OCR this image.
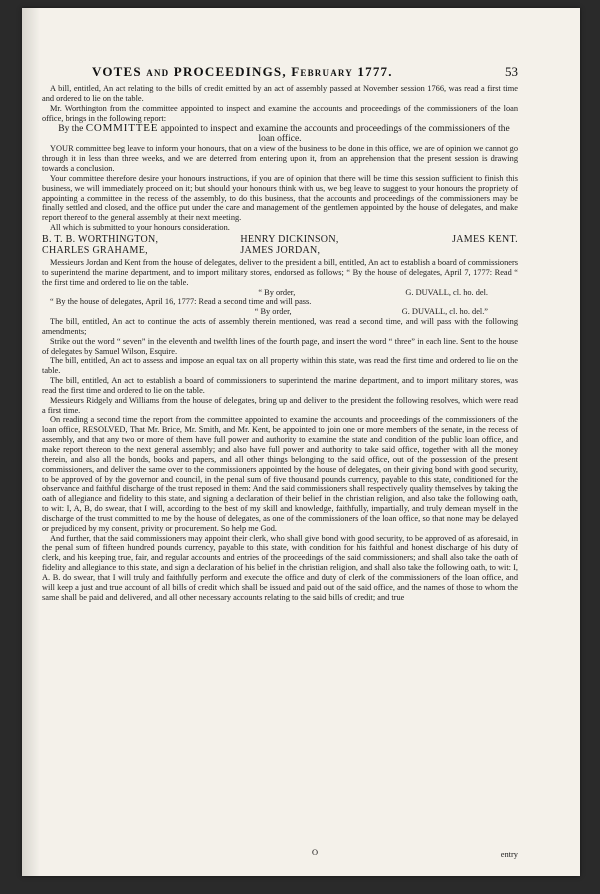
VOTES and PROCEEDINGS, February 1777.	53

A bill, entitled, An act relating to the bills of credit emitted by an act of assembly passed at November session 1766, was read a first time and ordered to lie on the table.

Mr. Worthington from the committee appointed to inspect and examine the accounts and proceedings of the commissioners of the loan office, brings in the following report:

By the COMMITTEE appointed to inspect and examine the accounts and proceedings of the commissioners of the loan office.

YOUR committee beg leave to inform your honours, that on a view of the business to be done in this office, we are of opinion we cannot go through it in less than three weeks, and we are deterred from entering upon it, from an apprehension that the present session is drawing towards a conclusion.

Your committee therefore desire your honours instructions, if you are of opinion that there will be time this session sufficient to finish this business, we will immediately proceed on it; but should your honours think with us, we beg leave to suggest to your honours the propriety of appointing a committee in the recess of the assembly, to do this business, that the accounts and proceedings of the commissioners may be finally settled and closed, and the office put under the care and management of the gentlemen appointed by the house of delegates, and make report thereof to the general assembly at their next meeting.

All which is submitted to your honours consideration.

B. T. B. WORTHINGTON,	HENRY DICKINSON,	JAMES KENT.
CHARLES GRAHAME,	JAMES JORDAN,

Messieurs Jordan and Kent from the house of delegates, deliver to the president a bill, entitled, An act to establish a board of commissioners to superintend the marine department, and to import military stores, endorsed as follows; “ By the house of delegates, April 7, 1777: Read “ the first time and ordered to lie on the table.

“ By order,	G. DUVALL, cl. ho. del.

“ By the house of delegates, April 16, 1777: Read a second time and will pass.

“ By order,	G. DUVALL, cl. ho. del.”

The bill, entitled, An act to continue the acts of assembly therein mentioned, was read a second time, and will pass with the following amendments;

Strike out the word “ seven” in the eleventh and twelfth lines of the fourth page, and insert the word “ three” in each line. Sent to the house of delegates by Samuel Wilson, Esquire.

The bill, entitled, An act to assess and impose an equal tax on all property within this state, was read the first time and ordered to lie on the table.

The bill, entitled, An act to establish a board of commissioners to superintend the marine department, and to import military stores, was read the first time and ordered to lie on the table.

Messieurs Ridgely and Williams from the house of delegates, bring up and deliver to the president the following resolves, which were read a first time.

On reading a second time the report from the committee appointed to examine the accounts and proceedings of the commissioners of the loan office, RESOLVED, That Mr. Brice, Mr. Smith, and Mr. Kent, be appointed to join one or more members of the senate, in the recess of assembly, and that any two or more of them have full power and authority to examine the state and condition of the public loan office, and make report thereon to the next general assembly; and also have full power and authority to take said office, together with all the money therein, and also all the bonds, books and papers, and all other things belonging to the said office, out of the possession of the present commissioners, and deliver the same over to the commissioners appointed by the house of delegates, on their giving bond with good security, to be approved of by the governor and council, in the penal sum of five thousand pounds currency, payable to this state, conditioned for the observance and faithful discharge of the trust reposed in them: And the said commissioners shall respectively quality themselves by taking the oath of allegiance and fidelity to this state, and signing a declaration of their belief in the christian religion, and also take the following oath, to wit: I, A, B, do swear, that I will, according to the best of my skill and knowledge, faithfully, impartially, and truly demean myself in the discharge of the trust committed to me by the house of delegates, as one of the commissioners of the loan office, so that none may be delayed or prejudiced by my consent, privity or procurement. So help me God.

And further, that the said commissioners may appoint their clerk, who shall give bond with good security, to be approved of as aforesaid, in the penal sum of fifteen hundred pounds currency, payable to this state, with condition for his faithful and honest discharge of his duty of clerk, and his keeping true, fair, and regular accounts and entries of the proceedings of the said commissioners; and shall also take the oath of fidelity and allegiance to this state, and sign a declaration of his belief in the christian religion, and shall also take the following oath, to wit: I, A. B. do swear, that I will truly and faithfully perform and execute the office and duty of clerk of the commissioners of the loan office, and will keep a just and true account of all bills of credit which shall be issued and paid out of the said office, and the names of those to whom the same shall be paid and delivered, and all other necessary accounts relating to the said bills of credit; and true

O	entry
